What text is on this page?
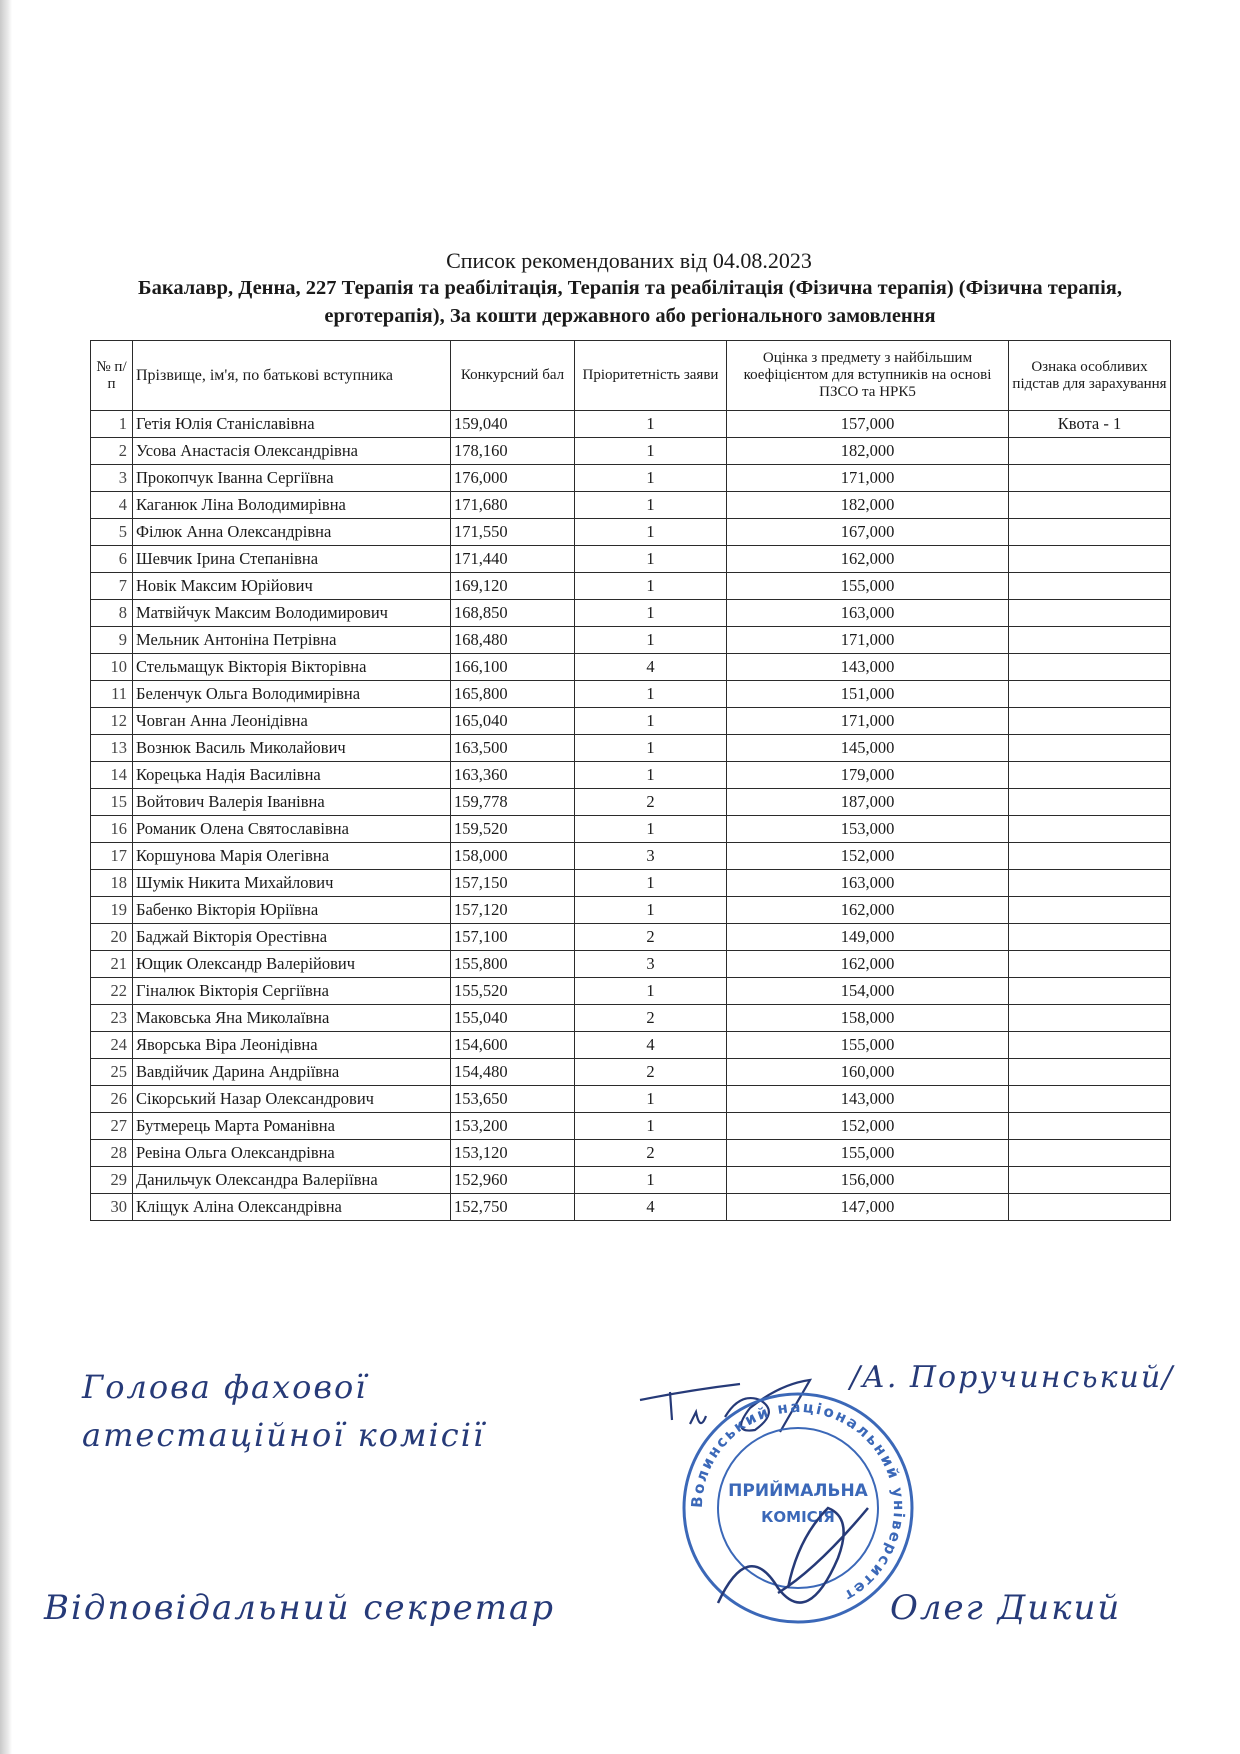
Список рекомендованих від 04.08.2023
Бакалавр, Денна, 227 Терапія та реабілітація, Терапія та реабілітація (Фізична терапія) (Фізична терапія, ерготерапія), За кошти державного або регіонального замовлення
№ п/п	Прізвище, ім'я, по батькові вступника	Конкурсний бал	Пріоритетність заяви	Оцінка з предмету з найбільшим коефіцієнтом для вступників на основі ПЗСО та НРК5	Ознака особливих підстав для зарахування
1	Гетія Юлія Станіславівна	159,040	1	157,000	Квота - 1
2	Усова Анастасія Олександрівна	178,160	1	182,000	
3	Прокопчук Іванна Сергіївна	176,000	1	171,000	
4	Каганюк Ліна Володимирівна	171,680	1	182,000	
5	Філюк Анна Олександрівна	171,550	1	167,000	
6	Шевчик Ірина Степанівна	171,440	1	162,000	
7	Новік Максим Юрійович	169,120	1	155,000	
8	Матвійчук Максим Володимирович	168,850	1	163,000	
9	Мельник Антоніна Петрівна	168,480	1	171,000	
10	Стельмащук Вікторія Вікторівна	166,100	4	143,000	
11	Беленчук Ольга Володимирівна	165,800	1	151,000	
12	Човган Анна Леонідівна	165,040	1	171,000	
13	Вознюк Василь Миколайович	163,500	1	145,000	
14	Корецька Надія Василівна	163,360	1	179,000	
15	Войтович Валерія Іванівна	159,778	2	187,000	
16	Романик Олена Святославівна	159,520	1	153,000	
17	Коршунова Марія Олегівна	158,000	3	152,000	
18	Шумік Никита Михайлович	157,150	1	163,000	
19	Бабенко Вікторія Юріївна	157,120	1	162,000	
20	Баджай Вікторія Орестівна	157,100	2	149,000	
21	Ющик Олександр Валерійович	155,800	3	162,000	
22	Гіналюк Вікторія Сергіївна	155,520	1	154,000	
23	Маковська Яна Миколаївна	155,040	2	158,000	
24	Яворська Віра Леонідівна	154,600	4	155,000	
25	Вавдійчик Дарина Андріївна	154,480	2	160,000	
26	Сікорський Назар Олександрович	153,650	1	143,000	
27	Бутмерець Марта Романівна	153,200	1	152,000	
28	Ревіна Ольга Олександрівна	153,120	2	155,000	
29	Данильчук Олександра Валеріївна	152,960	1	156,000	
30	Кліщук Аліна Олександрівна	152,750	4	147,000	
Голова фахової
атестаційної комісії
/А. Поручинський/
Відповідальний секретар	Олег Дикий
Волинський національний університет
ПРИЙМАЛЬНА
КОМІСІЯ
